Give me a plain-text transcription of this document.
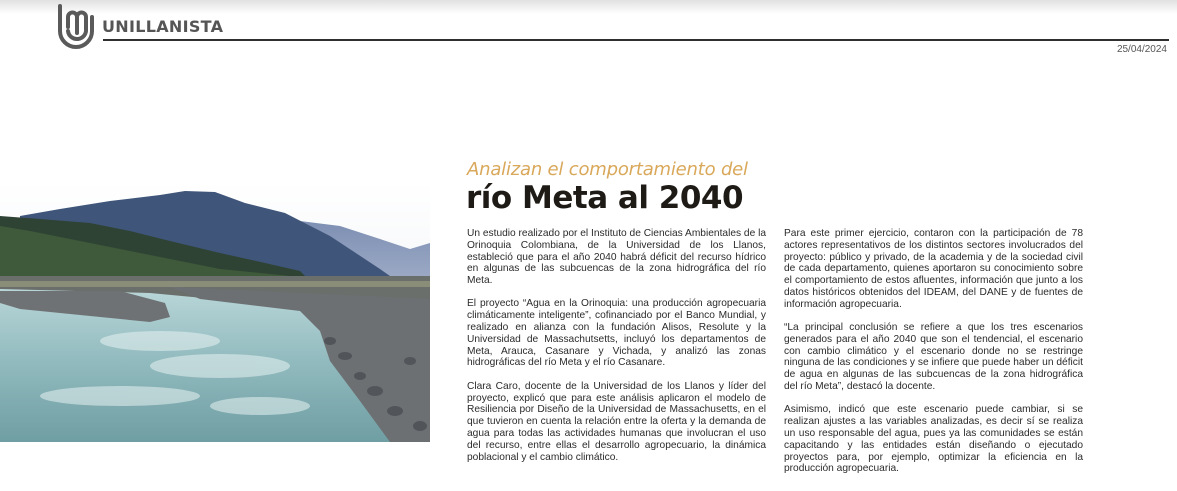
UNILLANISTA
25/04/2024
Analizan el comportamiento del
río Meta al 2040

Un estudio realizado por el Instituto de Ciencias Ambientales de la Orinoquia Colombiana, de la Universidad de los Llanos, estableció que para el año 2040 habrá déficit del recurso hídrico en algunas de las subcuencas de la zona hidrográfica del río Meta.

El proyecto “Agua en la Orinoquia: una producción agropecuaria climáticamente inteligente”, cofinanciado por el Banco Mundial, y realizado en alianza con la fundación Alisos, Resolute y la Universidad de Massachutsetts, incluyó los departamentos de Meta, Arauca, Casanare y Vichada, y analizó las zonas hidrográficas del río Meta y el río Casanare.

Clara Caro, docente de la Universidad de los Llanos y líder del proyecto, explicó que para este análisis aplicaron el modelo de Resiliencia por Diseño de la Universidad de Massachusetts, en el que tuvieron en cuenta la relación entre la oferta y la demanda de agua para todas las actividades humanas que involucran el uso del recurso, entre ellas el desarrollo agropecuario, la dinámica poblacional y el cambio climático.

Para este primer ejercicio, contaron con la participación de 78 actores representativos de los distintos sectores involucrados del proyecto: público y privado, de la academia y de la sociedad civil de cada departamento, quienes aportaron su conocimiento sobre el comportamiento de estos afluentes, información que junto a los datos históricos obtenidos del IDEAM, del DANE y de fuentes de información agropecuaria.

“La principal conclusión se refiere a que los tres escenarios generados para el año 2040 que son el tendencial, el escenario con cambio climático y el escenario donde no se restringe ninguna de las condiciones y se infiere que puede haber un déficit de agua en algunas de las subcuencas de la zona hidrográfica del río Meta”, destacó la docente.

Asimismo, indicó que este escenario puede cambiar, si se realizan ajustes a las variables analizadas, es decir sí se realiza un uso responsable del agua, pues ya las comunidades se están capacitando y las entidades están diseñando o ejecutado proyectos para, por ejemplo, optimizar la eficiencia en la producción agropecuaria.
